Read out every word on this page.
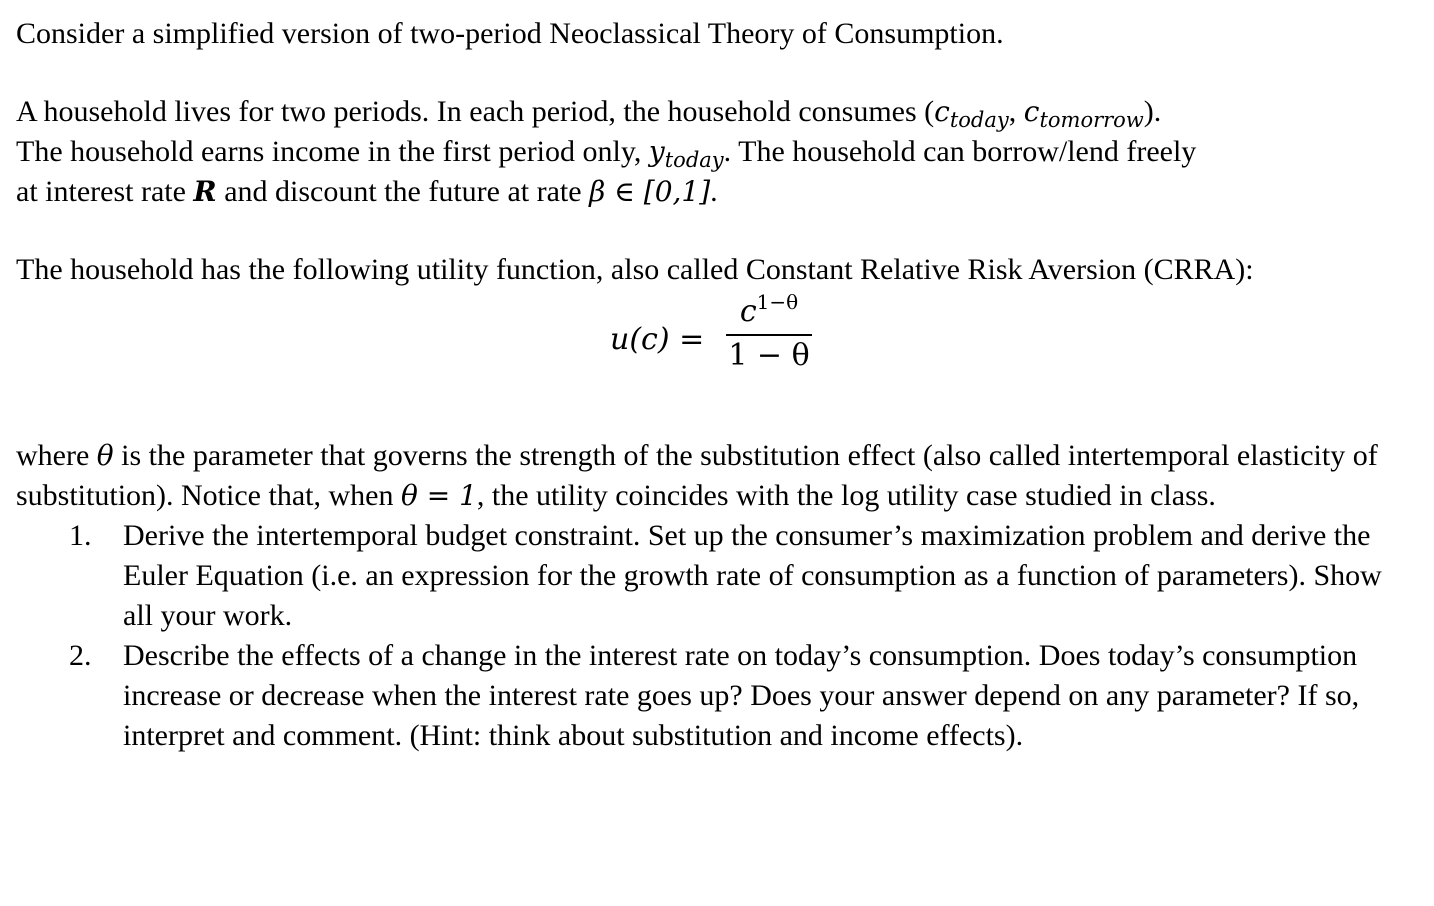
Consider a simplified version of two-period Neoclassical Theory of Consumption.

A household lives for two periods. In each period, the household consumes ($c_{today}$, $c_{tomorrow}$).
The household earns income in the first period only, $y_{today}$. The household can borrow/lend freely
at interest rate R and discount the future at rate β ∈ [0,1].

The household has the following utility function, also called Constant Relative Risk Aversion (CRRA):

u(c) =
$c^{1-\theta}$
1 − θ

where θ is the parameter that governs the strength of the substitution effect (also called intertemporal elasticity of substitution). Notice that, when θ = 1, the utility coincides with the log utility case studied in class.

1. Derive the intertemporal budget constraint. Set up the consumer’s maximization problem and derive the Euler Equation (i.e. an expression for the growth rate of consumption as a function of parameters). Show all your work.
2. Describe the effects of a change in the interest rate on today’s consumption. Does today’s consumption increase or decrease when the interest rate goes up? Does your answer depend on any parameter? If so, interpret and comment. (Hint: think about substitution and income effects).
